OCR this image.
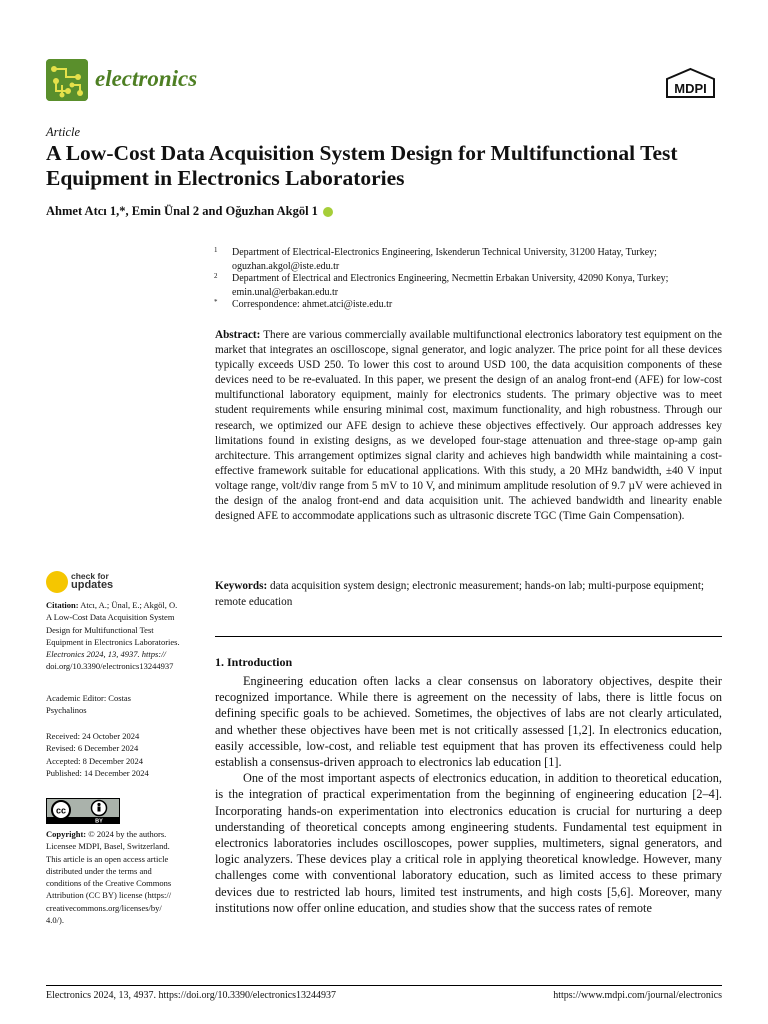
electronics	MDPI
Article
A Low-Cost Data Acquisition System Design for Multifunctional Test Equipment in Electronics Laboratories
Ahmet Atcı 1,*, Emin Ünal 2 and Oğuzhan Akgöl 1
1 Department of Electrical-Electronics Engineering, Iskenderun Technical University, 31200 Hatay, Turkey; oguzhan.akgol@iste.edu.tr
2 Department of Electrical and Electronics Engineering, Necmettin Erbakan University, 42090 Konya, Turkey; emin.unal@erbakan.edu.tr
* Correspondence: ahmet.atci@iste.edu.tr
Abstract: There are various commercially available multifunctional electronics laboratory test equipment on the market that integrates an oscilloscope, signal generator, and logic analyzer. The price point for all these devices typically exceeds USD 250. To lower this cost to around USD 100, the data acquisition components of these devices need to be re-evaluated. In this paper, we present the design of an analog front-end (AFE) for low-cost multifunctional laboratory equipment, mainly for electronics students. The primary objective was to meet student requirements while ensuring minimal cost, maximum functionality, and high robustness. Through our research, we optimized our AFE design to achieve these objectives effectively. Our approach addresses key limitations found in existing designs, as we developed four-stage attenuation and three-stage op-amp gain architecture. This arrangement optimizes signal clarity and achieves high bandwidth while maintaining a cost-effective framework suitable for educational applications. With this study, a 20 MHz bandwidth, ±40 V input voltage range, volt/div range from 5 mV to 10 V, and minimum amplitude resolution of 9.7 µV were achieved in the design of the analog front-end and data acquisition unit. The achieved bandwidth and linearity enable designed AFE to accommodate applications such as ultrasonic discrete TGC (Time Gain Compensation).
Keywords: data acquisition system design; electronic measurement; hands-on lab; multi-purpose equipment; remote education
check for
updates
Citation: Atcı, A.; Ünal, E.; Akgöl, O.
A Low-Cost Data Acquisition System
Design for Multifunctional Test
Equipment in Electronics Laboratories.
Electronics 2024, 13, 4937. https://
doi.org/10.3390/electronics13244937
Academic Editor: Costas
Psychalinos
Received: 24 October 2024
Revised: 6 December 2024
Accepted: 8 December 2024
Published: 14 December 2024
cc
BY
Copyright: © 2024 by the authors.
Licensee MDPI, Basel, Switzerland.
This article is an open access article
distributed under the terms and
conditions of the Creative Commons
Attribution (CC BY) license (https://
creativecommons.org/licenses/by/
4.0/).
1. Introduction

Engineering education often lacks a clear consensus on laboratory objectives, despite their recognized importance. While there is agreement on the necessity of labs, there is little focus on defining specific goals to be achieved. Sometimes, the objectives of labs are not clearly articulated, and whether these objectives have been met is not critically assessed [1,2]. In electronics education, easily accessible, low-cost, and reliable test equipment that has proven its effectiveness could help establish a consensus-driven approach to electronics lab education [1].

One of the most important aspects of electronics education, in addition to theoretical education, is the integration of practical experimentation from the beginning of engineering education [2–4]. Incorporating hands-on experimentation into electronics education is crucial for nurturing a deep understanding of theoretical concepts among engineering students. Fundamental test equipment in electronics laboratories includes oscilloscopes, power supplies, multimeters, signal generators, and logic analyzers. These devices play a critical role in applying theoretical knowledge. However, many challenges come with conventional laboratory education, such as limited access to these primary devices due to restricted lab hours, limited test instruments, and high costs [5,6]. Moreover, many institutions now offer online education, and studies show that the success rates of remote

Electronics 2024, 13, 4937. https://doi.org/10.3390/electronics13244937	https://www.mdpi.com/journal/electronics
